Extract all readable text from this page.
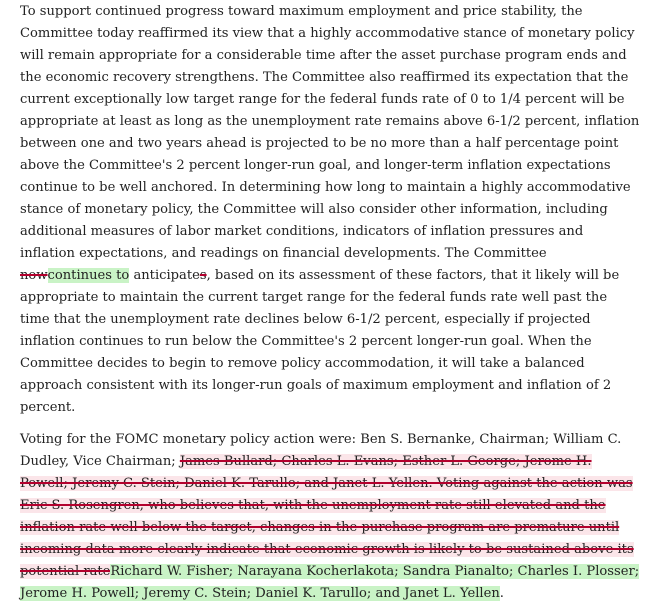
To support continued progress toward maximum employment and price stability, the Committee today reaffirmed its view that a highly accommodative stance of monetary policy will remain appropriate for a considerable time after the asset purchase program ends and the economic recovery strengthens. The Committee also reaffirmed its expectation that the current exceptionally low target range for the federal funds rate of 0 to 1/4 percent will be appropriate at least as long as the unemployment rate remains above 6-1/2 percent, inflation between one and two years ahead is projected to be no more than a half percentage point above the Committee's 2 percent longer-run goal, and longer-term inflation expectations continue to be well anchored. In determining how long to maintain a highly accommodative stance of monetary policy, the Committee will also consider other information, including additional measures of labor market conditions, indicators of inflation pressures and inflation expectations, and readings on financial developments. The Committee nowcontinues to anticipates, based on its assessment of these factors, that it likely will be appropriate to maintain the current target range for the federal funds rate well past the time that the unemployment rate declines below 6-1/2 percent, especially if projected inflation continues to run below the Committee's 2 percent longer-run goal. When the Committee decides to begin to remove policy accommodation, it will take a balanced approach consistent with its longer-run goals of maximum employment and inflation of 2 percent.

Voting for the FOMC monetary policy action were: Ben S. Bernanke, Chairman; William C. Dudley, Vice Chairman; James Bullard; Charles L. Evans; Esther L. George; Jerome H. Powell; Jeremy C. Stein; Daniel K. Tarullo; and Janet L. Yellen. Voting against the action was Eric S. Rosengren, who believes that, with the unemployment rate still elevated and the inflation rate well below the target, changes in the purchase program are premature until incoming data more clearly indicate that economic growth is likely to be sustained above its potential rateRichard W. Fisher; Narayana Kocherlakota; Sandra Pianalto; Charles I. Plosser; Jerome H. Powell; Jeremy C. Stein; Daniel K. Tarullo; and Janet L. Yellen.
